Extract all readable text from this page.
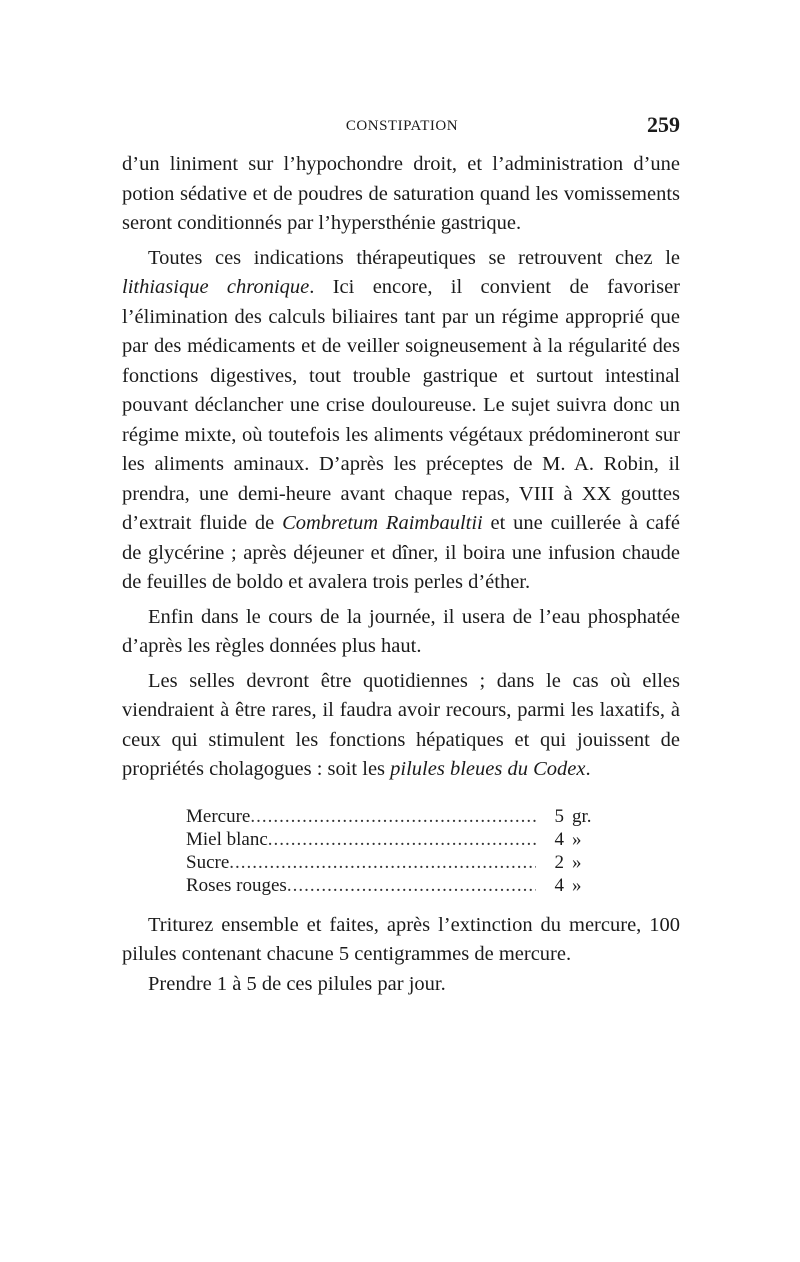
CONSTIPATION	259

d’un liniment sur l’hypochondre droit, et l’administration d’une potion sédative et de poudres de saturation quand les vomissements seront conditionnés par l’hypersthénie gastrique.

Toutes ces indications thérapeutiques se retrouvent chez le lithiasique chronique. Ici encore, il convient de favoriser l’élimination des calculs biliaires tant par un régime approprié que par des médicaments et de veiller soigneusement à la régularité des fonctions digestives, tout trouble gastrique et surtout intestinal pouvant déclancher une crise douloureuse. Le sujet suivra donc un régime mixte, où toutefois les aliments végétaux prédomineront sur les aliments aminaux. D’après les préceptes de M. A. Robin, il prendra, une demi-heure avant chaque repas, VIII à XX gouttes d’extrait fluide de Combretum Raimbaultii et une cuillerée à café de glycérine ; après déjeuner et dîner, il boira une infusion chaude de feuilles de boldo et avalera trois perles d’éther.

Enfin dans le cours de la journée, il usera de l’eau phosphatée d’après les règles données plus haut.

Les selles devront être quotidiennes ; dans le cas où elles viendraient à être rares, il faudra avoir recours, parmi les laxatifs, à ceux qui stimulent les fonctions hépatiques et qui jouissent de propriétés cholagogues : soit les pilules bleues du Codex.

Mercure .....	5 gr.
Miel blanc .....	4 »
Sucre .....	2 »
Roses rouges .....	4 »

Triturez ensemble et faites, après l’extinction du mercure, 100 pilules contenant chacune 5 centigrammes de mercure.

Prendre 1 à 5 de ces pilules par jour.
